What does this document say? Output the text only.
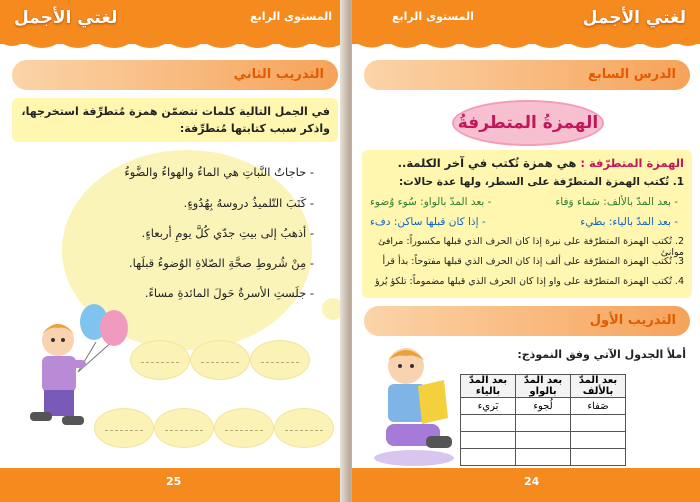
لغتي الأجمل	المستوى الرابع
التدريب الثاني
في الجمل التالية كلمات تتضمّن همزة مُتطرِّفة استخرجها، واذكر سبب كتابتها مُتطرِّفة:
- حاجاتُ النَّباتِ هي الماءُ والهواءُ والضَّوءُ
- كَتَبَ التّلميذُ دروسهُ بِهُدُوءٍ.
- أذهبُ إلى بيتِ جدّي كُلَّ يومِ أربعاءٍ.
- مِنْ شُروطِ صحَّةِ الصّلاةِ الوُضوءُ قبلَها.
- جلَستِ الأسرةُ حَولَ المائدةِ مساءً.
25
المستوى الرابع	لغتي الأجمل
الدرس السابع
الهمزةُ المتطرفةُ
الهمزة المتطرّفة : هي همزة تُكتب في آخر الكلمة..
1. تُكتب الهمزة المتطرّفة على السطر، ولها عدة حالات:
- بعد المدّ بالألف: سَماء وَفاء
- بعد المدّ بالواو: سُوء وُضوء
- بعد المدّ بالياء: بطيء
- إذا كان قبلها ساكن: دفء
2. تُكتب الهمزة المتطرّفة على نبرة إذا كان الحرف الذي قبلها مكسوراً: مرافئ موانئ
3. تُكتب الهمزة المتطرّفة على ألف إذا كان الحرف الذي قبلها مفتوحاً: بدأ قرأ
4. تُكتب الهمزة المتطرّفة على واو إذا كان الحرف الذي قبلها مضموماً: تلكؤ يُرؤ
التدريب الأول
أملأ الجدول الآتي وفق النموذج:
بعد المدّ بالألف	بعد المدّ بالواو	بعد المدّ بالياء
صَفاء	لُجوء	بَريء

24
